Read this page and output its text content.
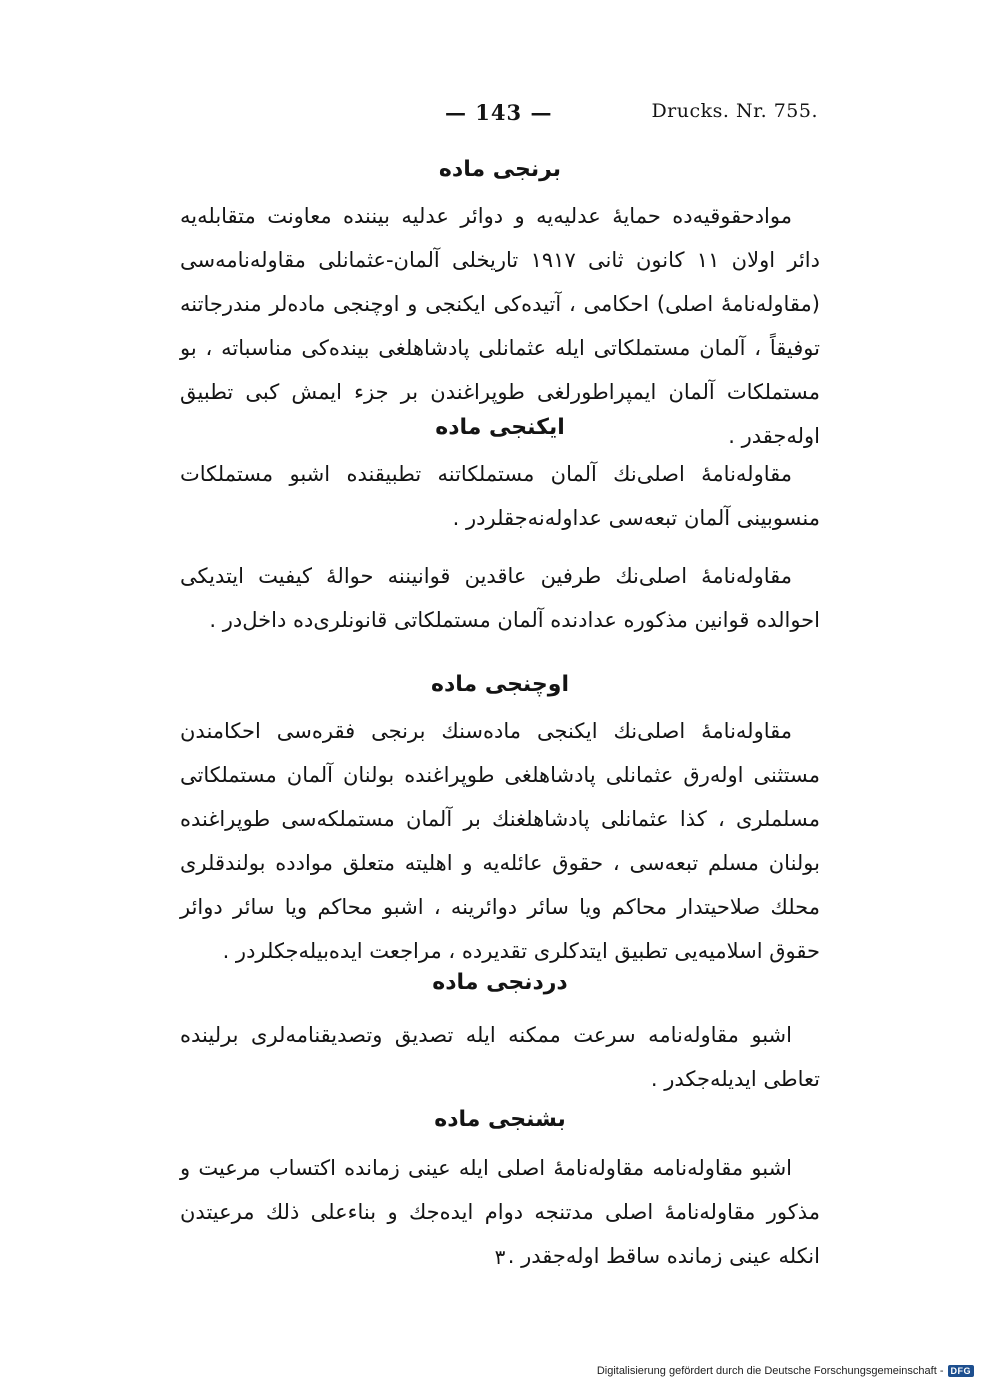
— 143 —	Drucks. Nr. 755.
برنجی ماده

موادحقوقیه‌ده حمایهٔ عدلیه‌یه و دوائر عدلیه بیننده معاونت متقابله‌یه دائر اولان ۱۱ کانون ثانی ۱۹۱۷ تاریخلی آلمان-عثمانلی مقاوله‌نامه‌سی (مقاوله‌نامهٔ اصلی) احکامی ، آتیده‌کی ایکنجی و اوچنجی ماده‌لر مندرجاتنه توفیقاً ، آلمان مستملکاتی ایله عثمانلی پادشاهلغی بینده‌کی مناسباته ، بو مستملکات آلمان ایمپراطورلغی طوپراغندن بر جزء ایمش کبی تطبیق اوله‌جقدر .

ایکنجی ماده

مقاوله‌نامهٔ اصلی‌نك آلمان مستملکاتنه تطبیقنده اشبو مستملکات منسوبینی آلمان تبعه‌سی عداوله‌نه‌جقلردر .

مقاوله‌نامهٔ اصلی‌نك طرفین عاقدین قوانیننه حوالهٔ کیفیت ایتدیکی احوالده قوانین مذکوره عدادنده آلمان مستملکاتی قانونلری‌ده داخل‌در .

اوچنجی ماده

مقاوله‌نامهٔ اصلی‌نك ایکنجی ماده‌سنك برنجی فقره‌سی احکامندن مستثنی اوله‌رق عثمانلی پادشاهلغی طوپراغنده بولنان آلمان مستملکاتی مسلملری ، کذا عثمانلی پادشاهلغنك بر آلمان مستملکه‌سی طوپراغنده بولنان مسلم تبعه‌سی ، حقوق عائله‌یه و اهلیته متعلق موادده بولندقلری محلك صلاحیتدار محاکم ویا سائر دوائرینه ، اشبو محاکم ویا سائر دوائر حقوق اسلامیه‌یی تطبیق ایتدکلری تقدیرده ، مراجعت ایده‌بیله‌جکلردر .

دردنجی ماده

اشبو مقاوله‌نامه سرعت ممکنه ایله تصدیق وتصدیقنامه‌لری برلینده تعاطی ایدیله‌جکدر .

بشنجی ماده

اشبو مقاوله‌نامه مقاوله‌نامهٔ اصلی ایله عینی زمانده اکتساب مرعیت و مذکور مقاوله‌نامهٔ اصلی مدتنجه دوام ایده‌جك و بناءعلی ذلك مرعیتدن انکله عینی زمانده ساقط اوله‌جقدر .

۳
Digitalisierung gefördert durch die Deutsche Forschungsgemeinschaft - DFG
